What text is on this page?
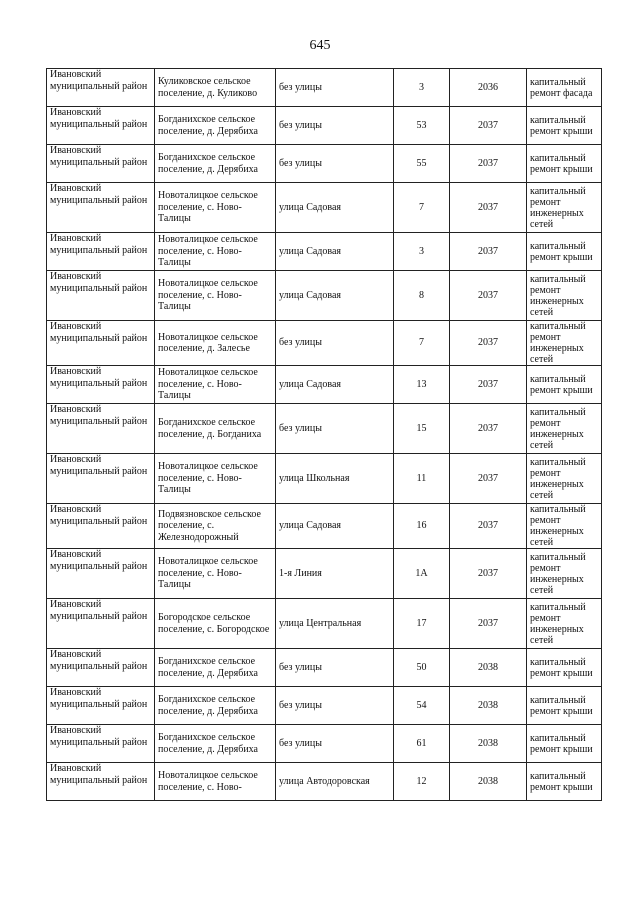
645
Ивановский муниципальный район	Куликовское сельское поселение, д. Куликово	без улицы	3	2036	капитальный ремонт фасада
Ивановский муниципальный район	Богданихское сельское поселение, д. Дерябиха	без улицы	53	2037	капитальный ремонт крыши
Ивановский муниципальный район	Богданихское сельское поселение, д. Дерябиха	без улицы	55	2037	капитальный ремонт крыши
Ивановский муниципальный район	Новоталицкое сельское поселение, с. Ново-Талицы	улица Садовая	7	2037	капитальный ремонт инженерных сетей
Ивановский муниципальный район	Новоталицкое сельское поселение, с. Ново-Талицы	улица Садовая	3	2037	капитальный ремонт крыши
Ивановский муниципальный район	Новоталицкое сельское поселение, с. Ново-Талицы	улица Садовая	8	2037	капитальный ремонт инженерных сетей
Ивановский муниципальный район	Новоталицкое сельское поселение, д. Залесье	без улицы	7	2037	капитальный ремонт инженерных сетей
Ивановский муниципальный район	Новоталицкое сельское поселение, с. Ново-Талицы	улица Садовая	13	2037	капитальный ремонт крыши
Ивановский муниципальный район	Богданихское сельское поселение, д. Богданиха	без улицы	15	2037	капитальный ремонт инженерных сетей
Ивановский муниципальный район	Новоталицкое сельское поселение, с. Ново-Талицы	улица Школьная	11	2037	капитальный ремонт инженерных сетей
Ивановский муниципальный район	Подвязновское сельское поселение, с. Железнодорожный	улица Садовая	16	2037	капитальный ремонт инженерных сетей
Ивановский муниципальный район	Новоталицкое сельское поселение, с. Ново-Талицы	1-я Линия	1А	2037	капитальный ремонт инженерных сетей
Ивановский муниципальный район	Богородское сельское поселение, с. Богородское	улица Центральная	17	2037	капитальный ремонт инженерных сетей
Ивановский муниципальный район	Богданихское сельское поселение, д. Дерябиха	без улицы	50	2038	капитальный ремонт крыши
Ивановский муниципальный район	Богданихское сельское поселение, д. Дерябиха	без улицы	54	2038	капитальный ремонт крыши
Ивановский муниципальный район	Богданихское сельское поселение, д. Дерябиха	без улицы	61	2038	капитальный ремонт крыши
Ивановский муниципальный район	Новоталицкое сельское поселение, с. Ново-	улица Автодоровская	12	2038	капитальный ремонт крыши
